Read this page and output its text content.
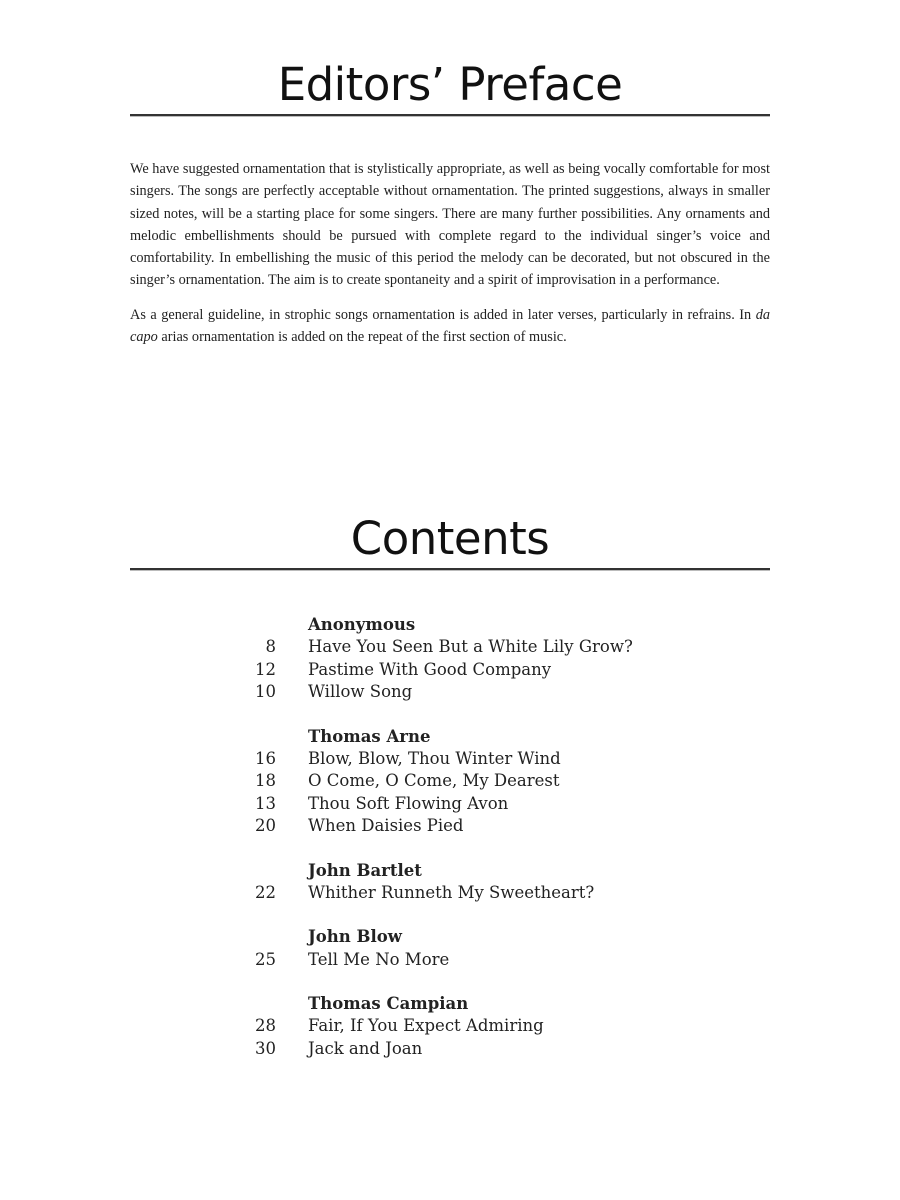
Editors’ Preface

We have suggested ornamentation that is stylistically appropriate, as well as being vocally comfortable for most singers. The songs are perfectly acceptable without ornamentation. The printed suggestions, always in smaller sized notes, will be a starting place for some singers. There are many further possibilities. Any ornaments and melodic embellishments should be pursued with complete regard to the individual singer’s voice and comfortability. In embellishing the music of this period the melody can be decorated, but not obscured in the singer’s ornamentation. The aim is to create spontaneity and a spirit of improvisation in a performance.

As a general guideline, in strophic songs ornamentation is added in later verses, particularly in refrains. In da capo arias ornamentation is added on the repeat of the first section of music.

Contents
Anonymous
8	Have You Seen But a White Lily Grow?
12	Pastime With Good Company
10	Willow Song
Thomas Arne
16	Blow, Blow, Thou Winter Wind
18	O Come, O Come, My Dearest
13	Thou Soft Flowing Avon
20	When Daisies Pied
John Bartlet
22	Whither Runneth My Sweetheart?
John Blow
25	Tell Me No More
Thomas Campian
28	Fair, If You Expect Admiring
30	Jack and Joan
